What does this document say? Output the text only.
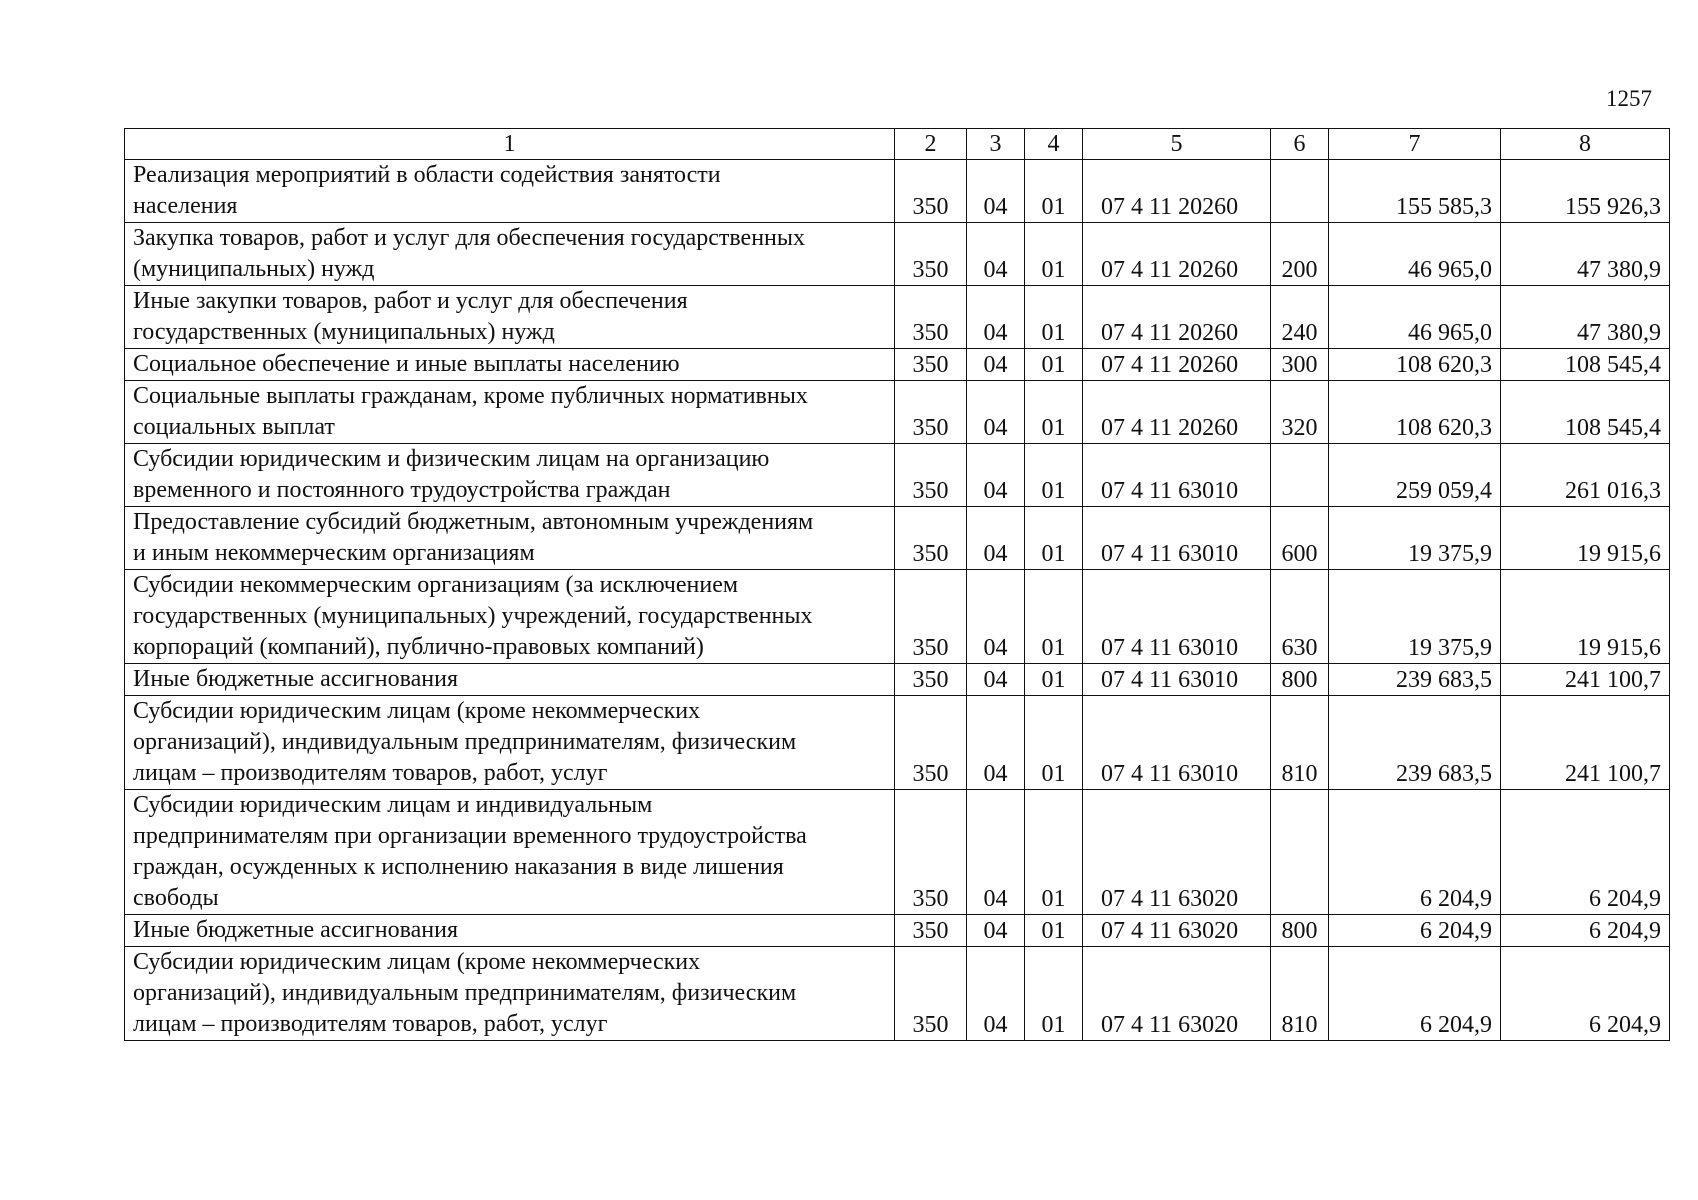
1257
1	2	3	4	5	6	7	8
Реализация мероприятий в области содействия занятости
населения	350	04	01	07 4 11 20260		155 585,3	155 926,3
Закупка товаров, работ и услуг для обеспечения государственных
(муниципальных) нужд	350	04	01	07 4 11 20260	200	46 965,0	47 380,9
Иные закупки товаров, работ и услуг для обеспечения
государственных (муниципальных) нужд	350	04	01	07 4 11 20260	240	46 965,0	47 380,9
Социальное обеспечение и иные выплаты населению	350	04	01	07 4 11 20260	300	108 620,3	108 545,4
Социальные выплаты гражданам, кроме публичных нормативных
социальных выплат	350	04	01	07 4 11 20260	320	108 620,3	108 545,4
Субсидии юридическим и физическим лицам на организацию
временного и постоянного трудоустройства граждан	350	04	01	07 4 11 63010		259 059,4	261 016,3
Предоставление субсидий бюджетным, автономным учреждениям
и иным некоммерческим организациям	350	04	01	07 4 11 63010	600	19 375,9	19 915,6
Субсидии некоммерческим организациям (за исключением
государственных (муниципальных) учреждений, государственных
корпораций (компаний), публично-правовых компаний)	350	04	01	07 4 11 63010	630	19 375,9	19 915,6
Иные бюджетные ассигнования	350	04	01	07 4 11 63010	800	239 683,5	241 100,7
Субсидии юридическим лицам (кроме некоммерческих
организаций), индивидуальным предпринимателям, физическим
лицам – производителям товаров, работ, услуг	350	04	01	07 4 11 63010	810	239 683,5	241 100,7
Субсидии юридическим лицам и индивидуальным
предпринимателям при организации временного трудоустройства
граждан, осужденных к исполнению наказания в виде лишения
свободы	350	04	01	07 4 11 63020		6 204,9	6 204,9
Иные бюджетные ассигнования	350	04	01	07 4 11 63020	800	6 204,9	6 204,9
Субсидии юридическим лицам (кроме некоммерческих
организаций), индивидуальным предпринимателям, физическим
лицам – производителям товаров, работ, услуг	350	04	01	07 4 11 63020	810	6 204,9	6 204,9
